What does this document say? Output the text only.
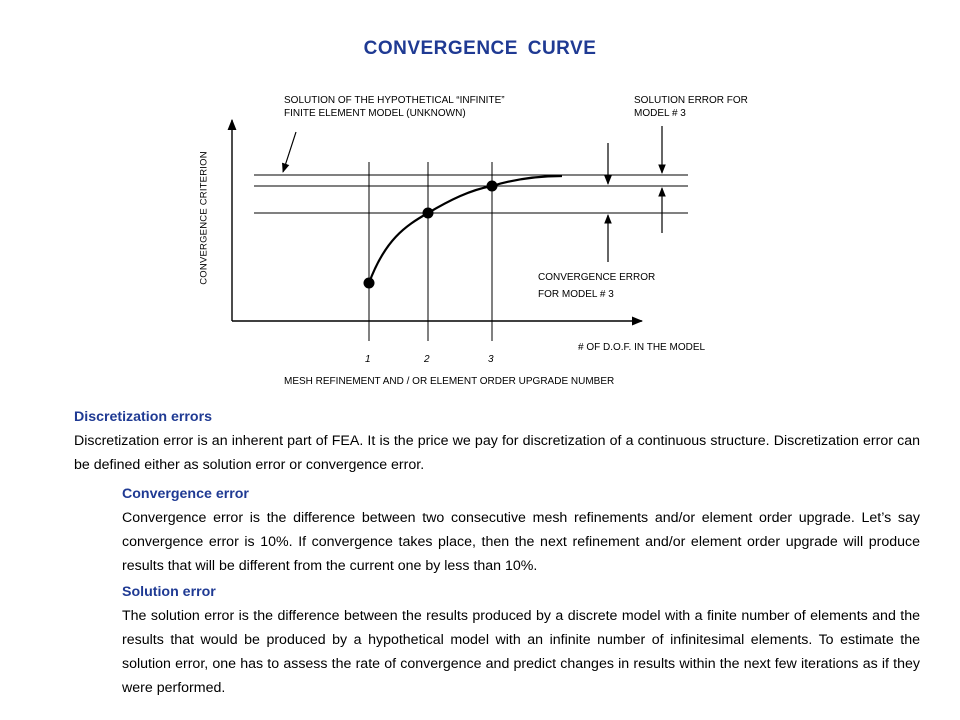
CONVERGENCE CURVE
SOLUTION OF THE HYPOTHETICAL “INFINITE”
FINITE ELEMENT MODEL (UNKNOWN)
SOLUTION ERROR FOR
MODEL # 3
CONVERGENCE CRITERION	CONVERGENCE ERROR
FOR MODEL # 3
# OF D.O.F. IN THE MODEL
1	2	3
MESH REFINEMENT AND / OR ELEMENT ORDER UPGRADE NUMBER
Discretization errors
Discretization error is an inherent part of FEA. It is the price we pay for discretization of a continuous structure. Discretization error can be defined either as solution error or convergence error.
Convergence error
Convergence error is the difference between two consecutive mesh refinements and/or element order upgrade. Let’s say convergence error is 10%. If convergence takes place, then the next refinement and/or element order upgrade will produce results that will be different from the current one by less than 10%.
Solution error
The solution error is the difference between the results produced by a discrete model with a finite number of elements and the results that would be produced by a hypothetical model with an infinite number of infinitesimal elements. To estimate the solution error, one has to assess the rate of convergence and predict changes in results within the next few iterations as if they were performed.
